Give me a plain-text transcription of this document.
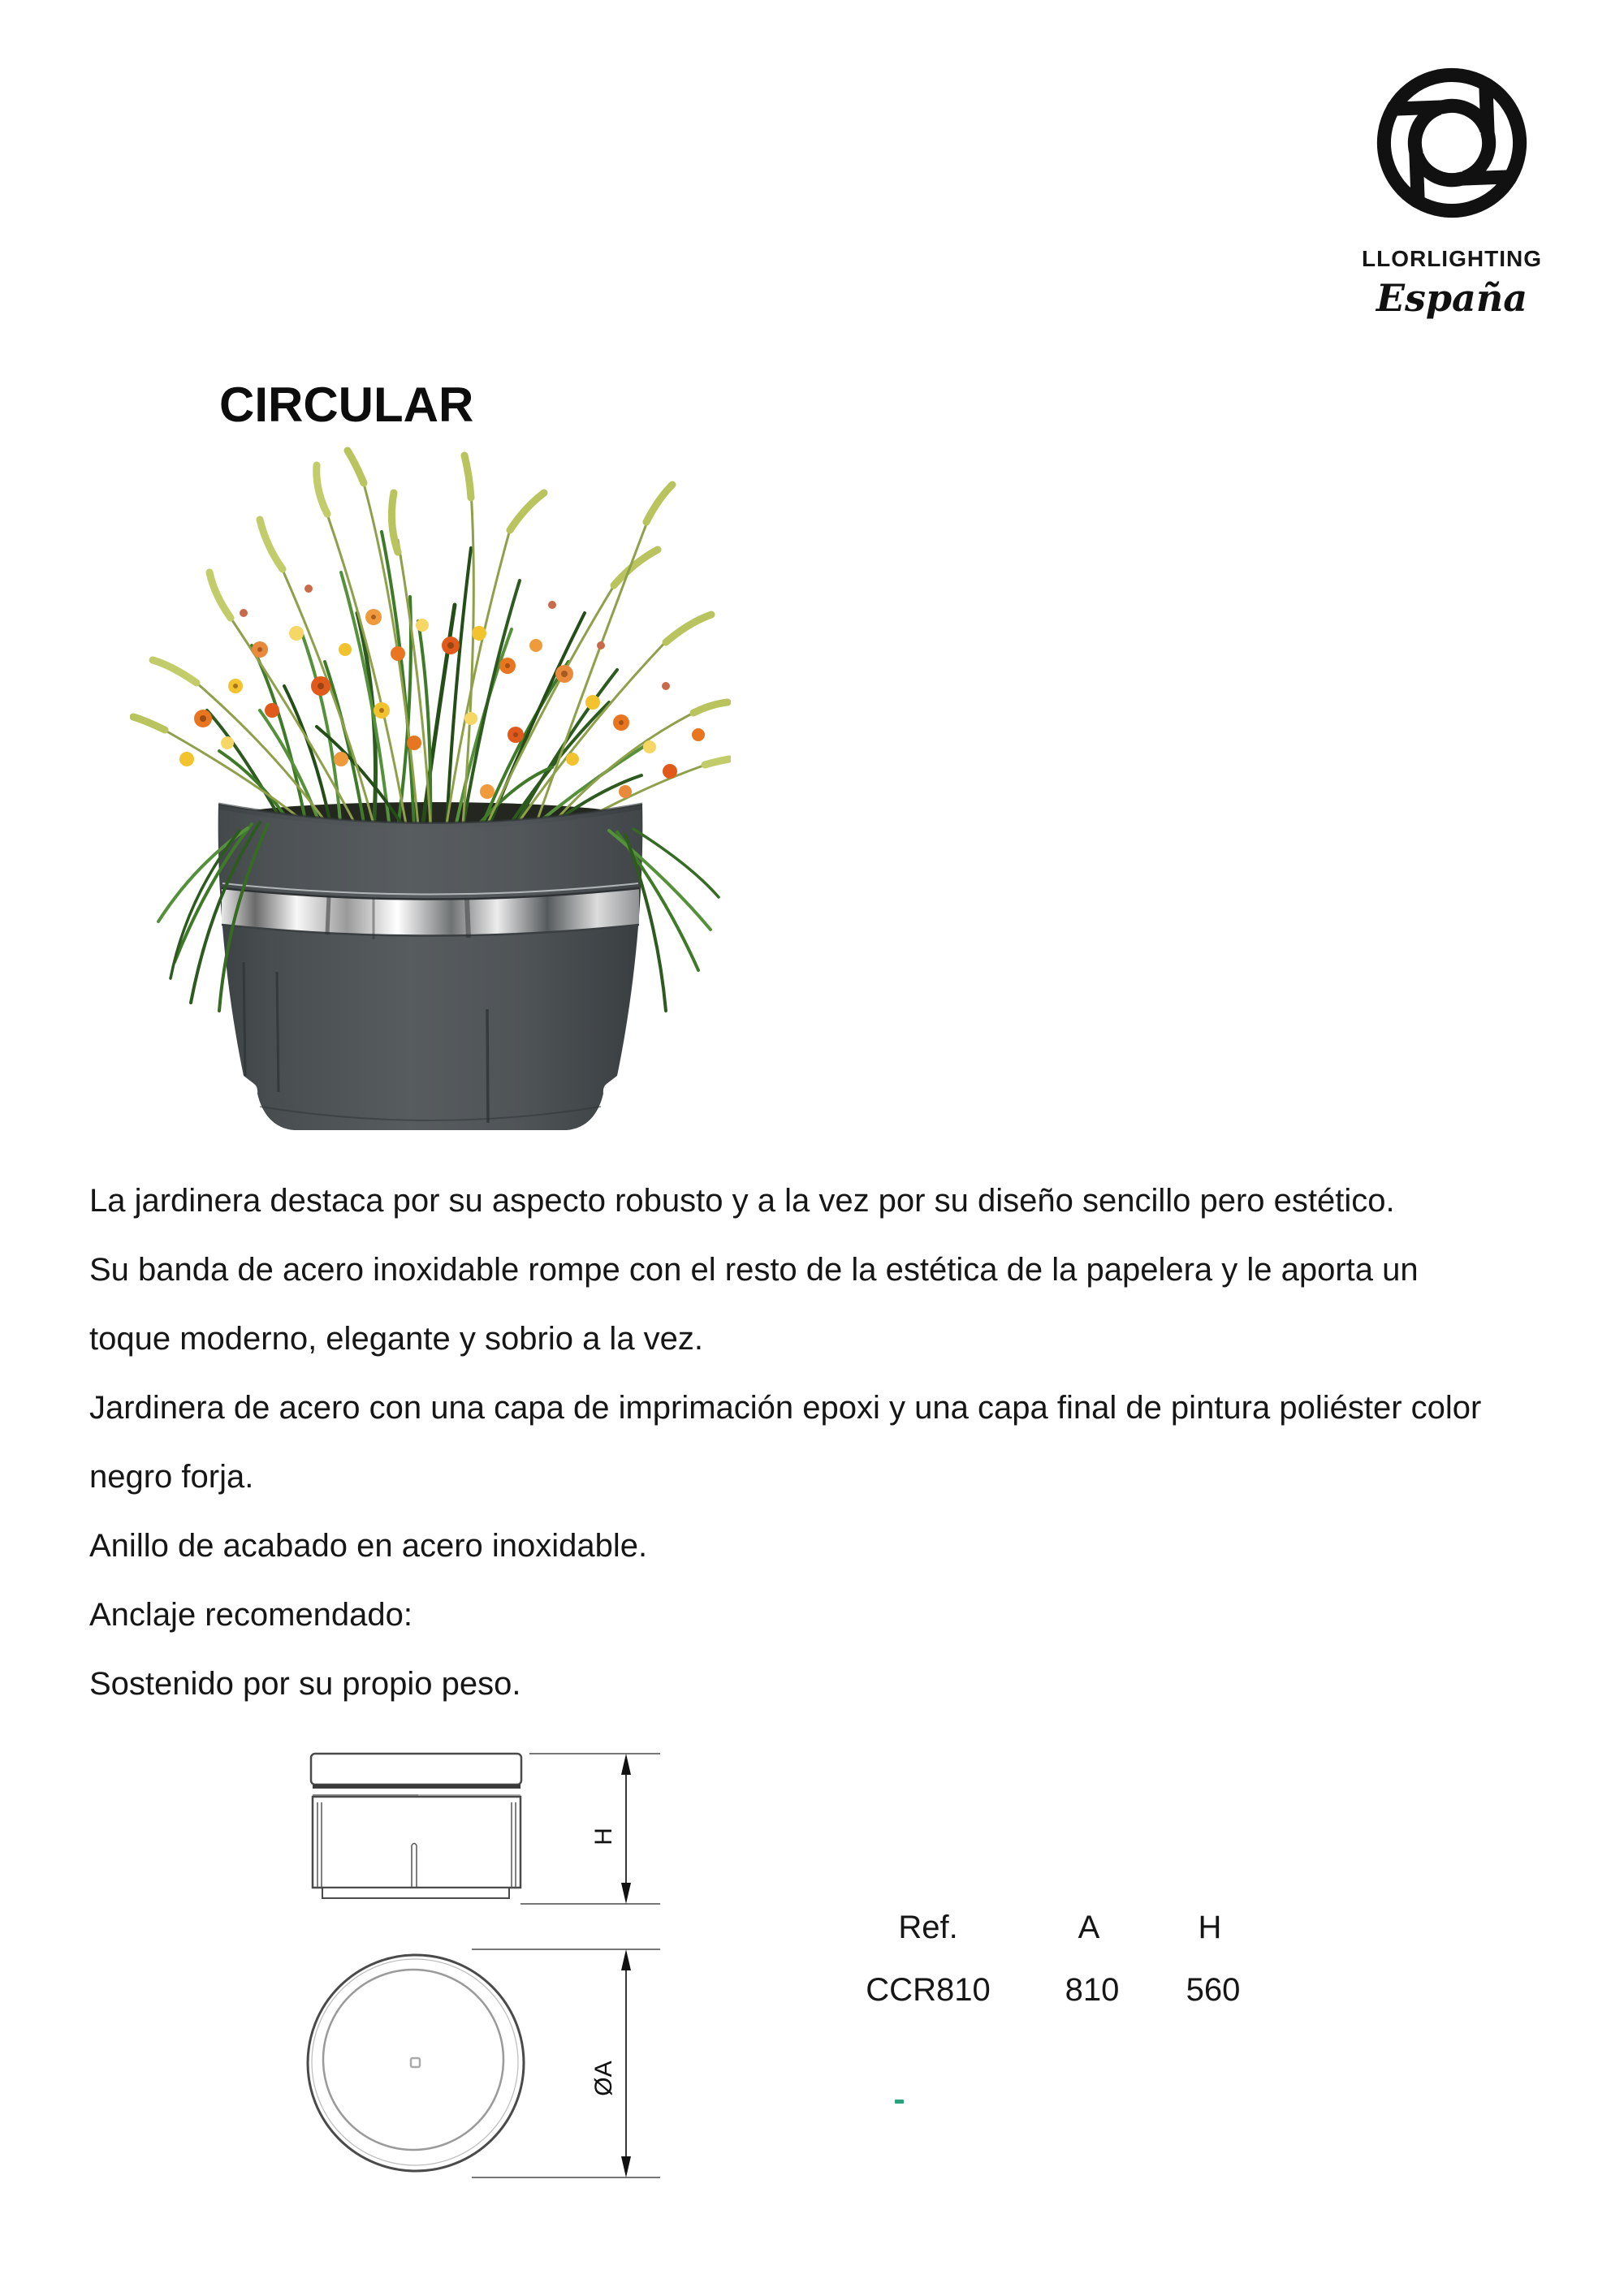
LLORLIGHTING
España
CIRCULAR
La jardinera destaca por su aspecto robusto y a la vez por su diseño sencillo pero estético.
Su banda de acero inoxidable rompe con el resto de la estética de la papelera y le aporta un
toque moderno, elegante y sobrio a la vez.
Jardinera de acero con una capa de imprimación epoxi y una capa final de pintura poliéster color
negro forja.
Anillo de acabado en acero inoxidable.
Anclaje recomendado:
Sostenido por su propio peso.
H
ØA
Ref.	A	H
CCR810 810 560
